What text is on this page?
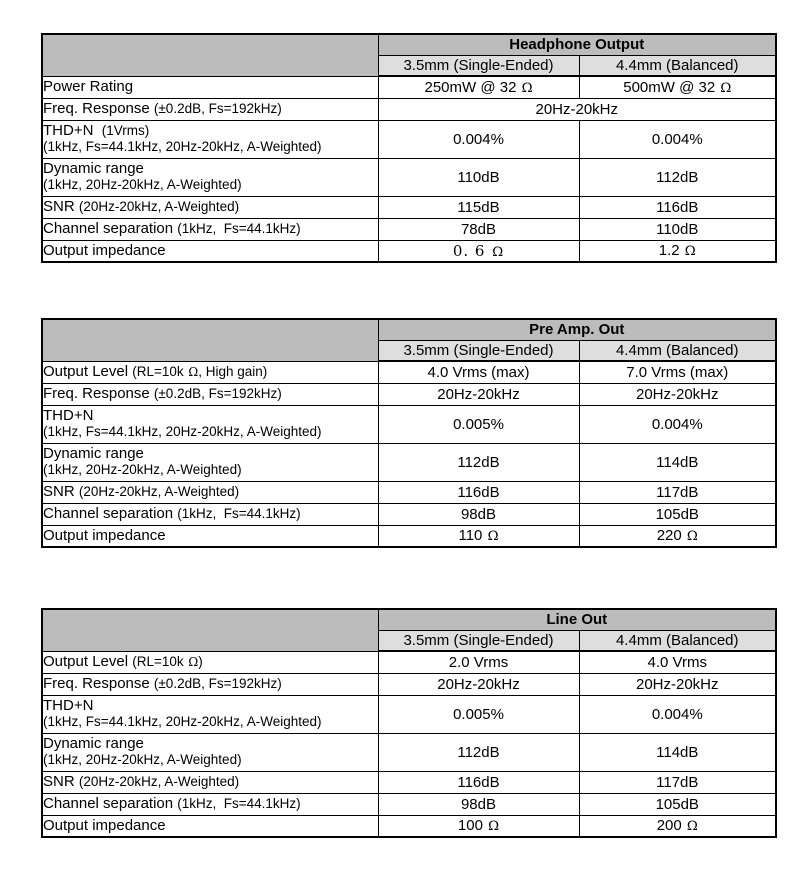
	Headphone Output	
	3.5mm (Single-Ended)	4.4mm (Balanced)
Power Rating	250mW @ 32 Ω	500mW @ 32 Ω
Freq. Response (±0.2dB, Fs=192kHz)	20Hz-20kHz	
THD+N (1Vrms)
(1kHz, Fs=44.1kHz, 20Hz-20kHz, A-Weighted)	0.004%	0.004%
Dynamic range
(1kHz, 20Hz-20kHz, A-Weighted)	110dB	112dB
SNR (20Hz-20kHz, A-Weighted)	115dB	116dB
Channel separation (1kHz,  Fs=44.1kHz)	78dB	110dB
Output impedance	0. 6 Ω	1.2 Ω
	Pre Amp. Out	
	3.5mm (Single-Ended)	4.4mm (Balanced)
Output Level (RL=10k Ω, High gain)	4.0 Vrms (max)	7.0 Vrms (max)
Freq. Response (±0.2dB, Fs=192kHz)	20Hz-20kHz	20Hz-20kHz
THD+N
(1kHz, Fs=44.1kHz, 20Hz-20kHz, A-Weighted)	0.005%	0.004%
Dynamic range
(1kHz, 20Hz-20kHz, A-Weighted)	112dB	114dB
SNR (20Hz-20kHz, A-Weighted)	116dB	117dB
Channel separation (1kHz,  Fs=44.1kHz)	98dB	105dB
Output impedance	110 Ω	220 Ω
	Line Out	
	3.5mm (Single-Ended)	4.4mm (Balanced)
Output Level (RL=10k Ω)	2.0 Vrms	4.0 Vrms
Freq. Response (±0.2dB, Fs=192kHz)	20Hz-20kHz	20Hz-20kHz
THD+N
(1kHz, Fs=44.1kHz, 20Hz-20kHz, A-Weighted)	0.005%	0.004%
Dynamic range
(1kHz, 20Hz-20kHz, A-Weighted)	112dB	114dB
SNR (20Hz-20kHz, A-Weighted)	116dB	117dB
Channel separation (1kHz,  Fs=44.1kHz)	98dB	105dB
Output impedance	100 Ω	200 Ω
